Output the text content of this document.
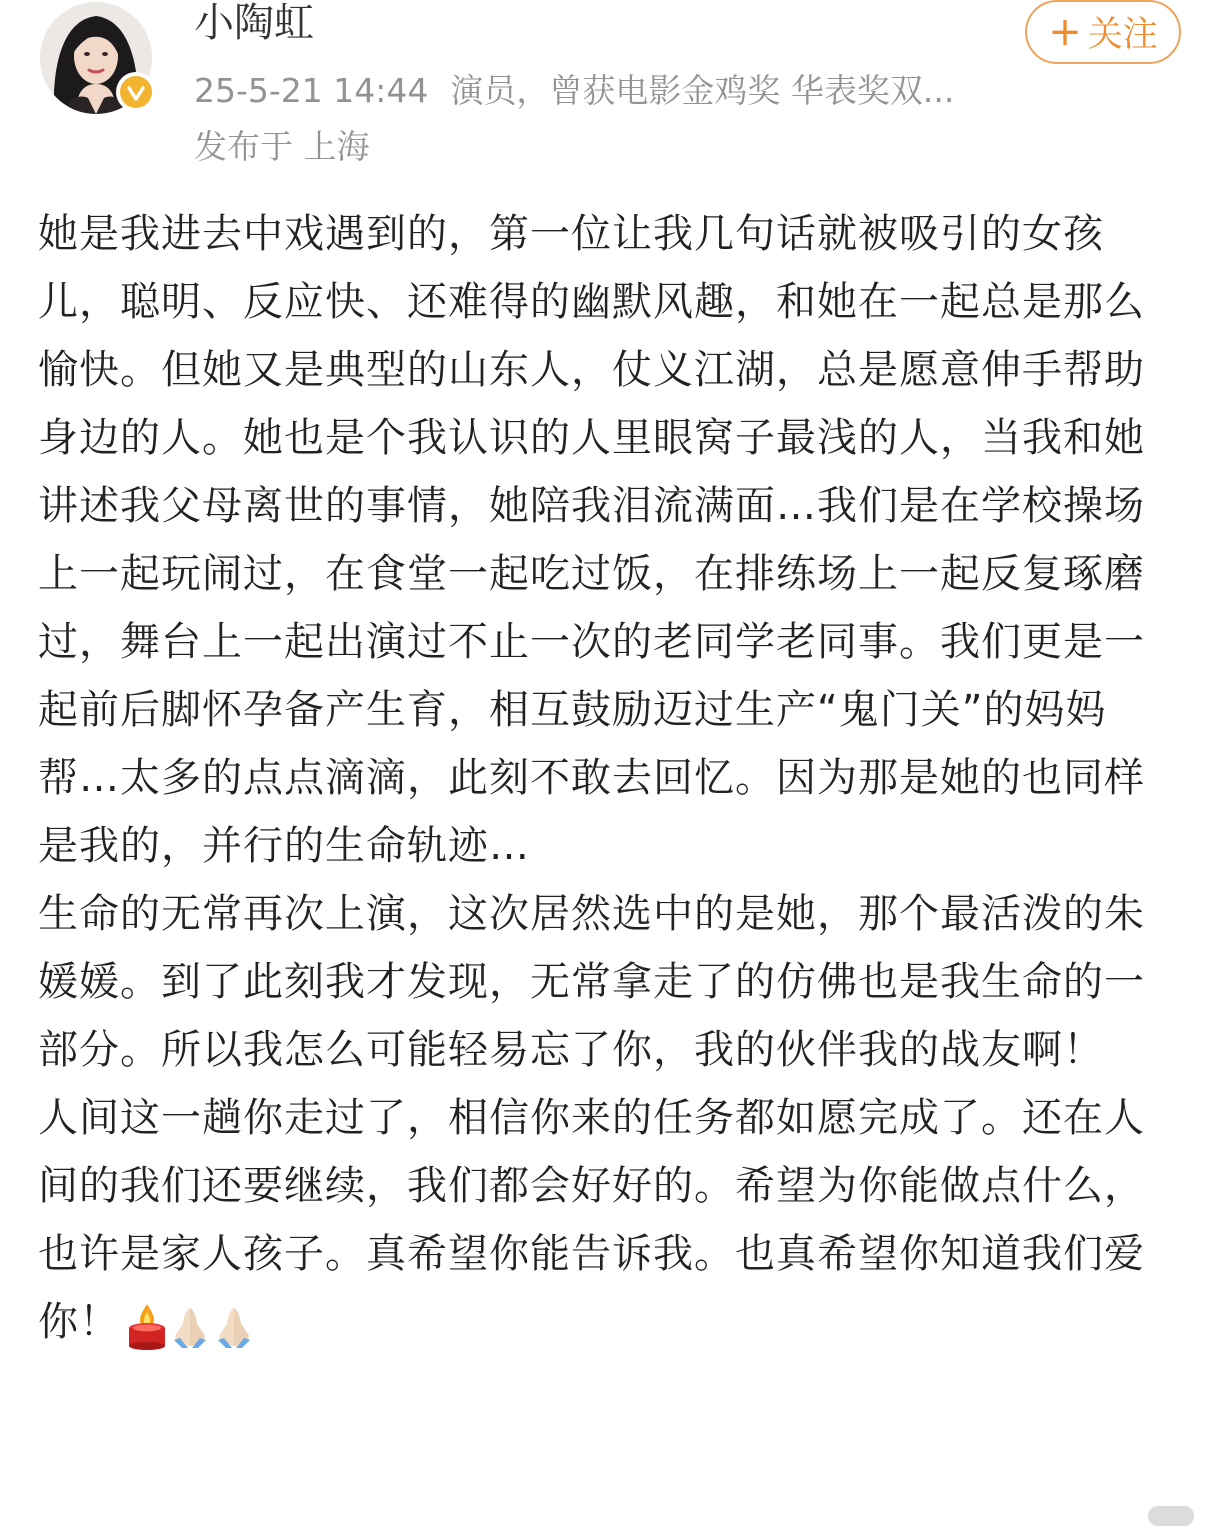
小陶虹
25-5-21 14:44 演员，曾获电影金鸡奖 华表奖双...
发布于 上海
+ 关注

她是我进去中戏遇到的，第一位让我几句话就被吸引的女孩儿，聪明、反应快、还难得的幽默风趣，和她在一起总是那么愉快。但她又是典型的山东人，仗义江湖，总是愿意伸手帮助身边的人。她也是个我认识的人里眼窝子最浅的人，当我和她讲述我父母离世的事情，她陪我泪流满面…我们是在学校操场上一起玩闹过，在食堂一起吃过饭，在排练场上一起反复琢磨过，舞台上一起出演过不止一次的老同学老同事。我们更是一起前后脚怀孕备产生育，相互鼓励迈过生产“鬼门关”的妈妈帮…太多的点点滴滴，此刻不敢去回忆。因为那是她的也同样是我的，并行的生命轨迹…

生命的无常再次上演，这次居然选中的是她，那个最活泼的朱媛媛。到了此刻我才发现，无常拿走了的仿佛也是我生命的一部分。所以我怎么可能轻易忘了你，我的伙伴我的战友啊！

人间这一趟你走过了，相信你来的任务都如愿完成了。还在人间的我们还要继续，我们都会好好的。希望为你能做点什么，也许是家人孩子。真希望你能告诉我。也真希望你知道我们爱你！
